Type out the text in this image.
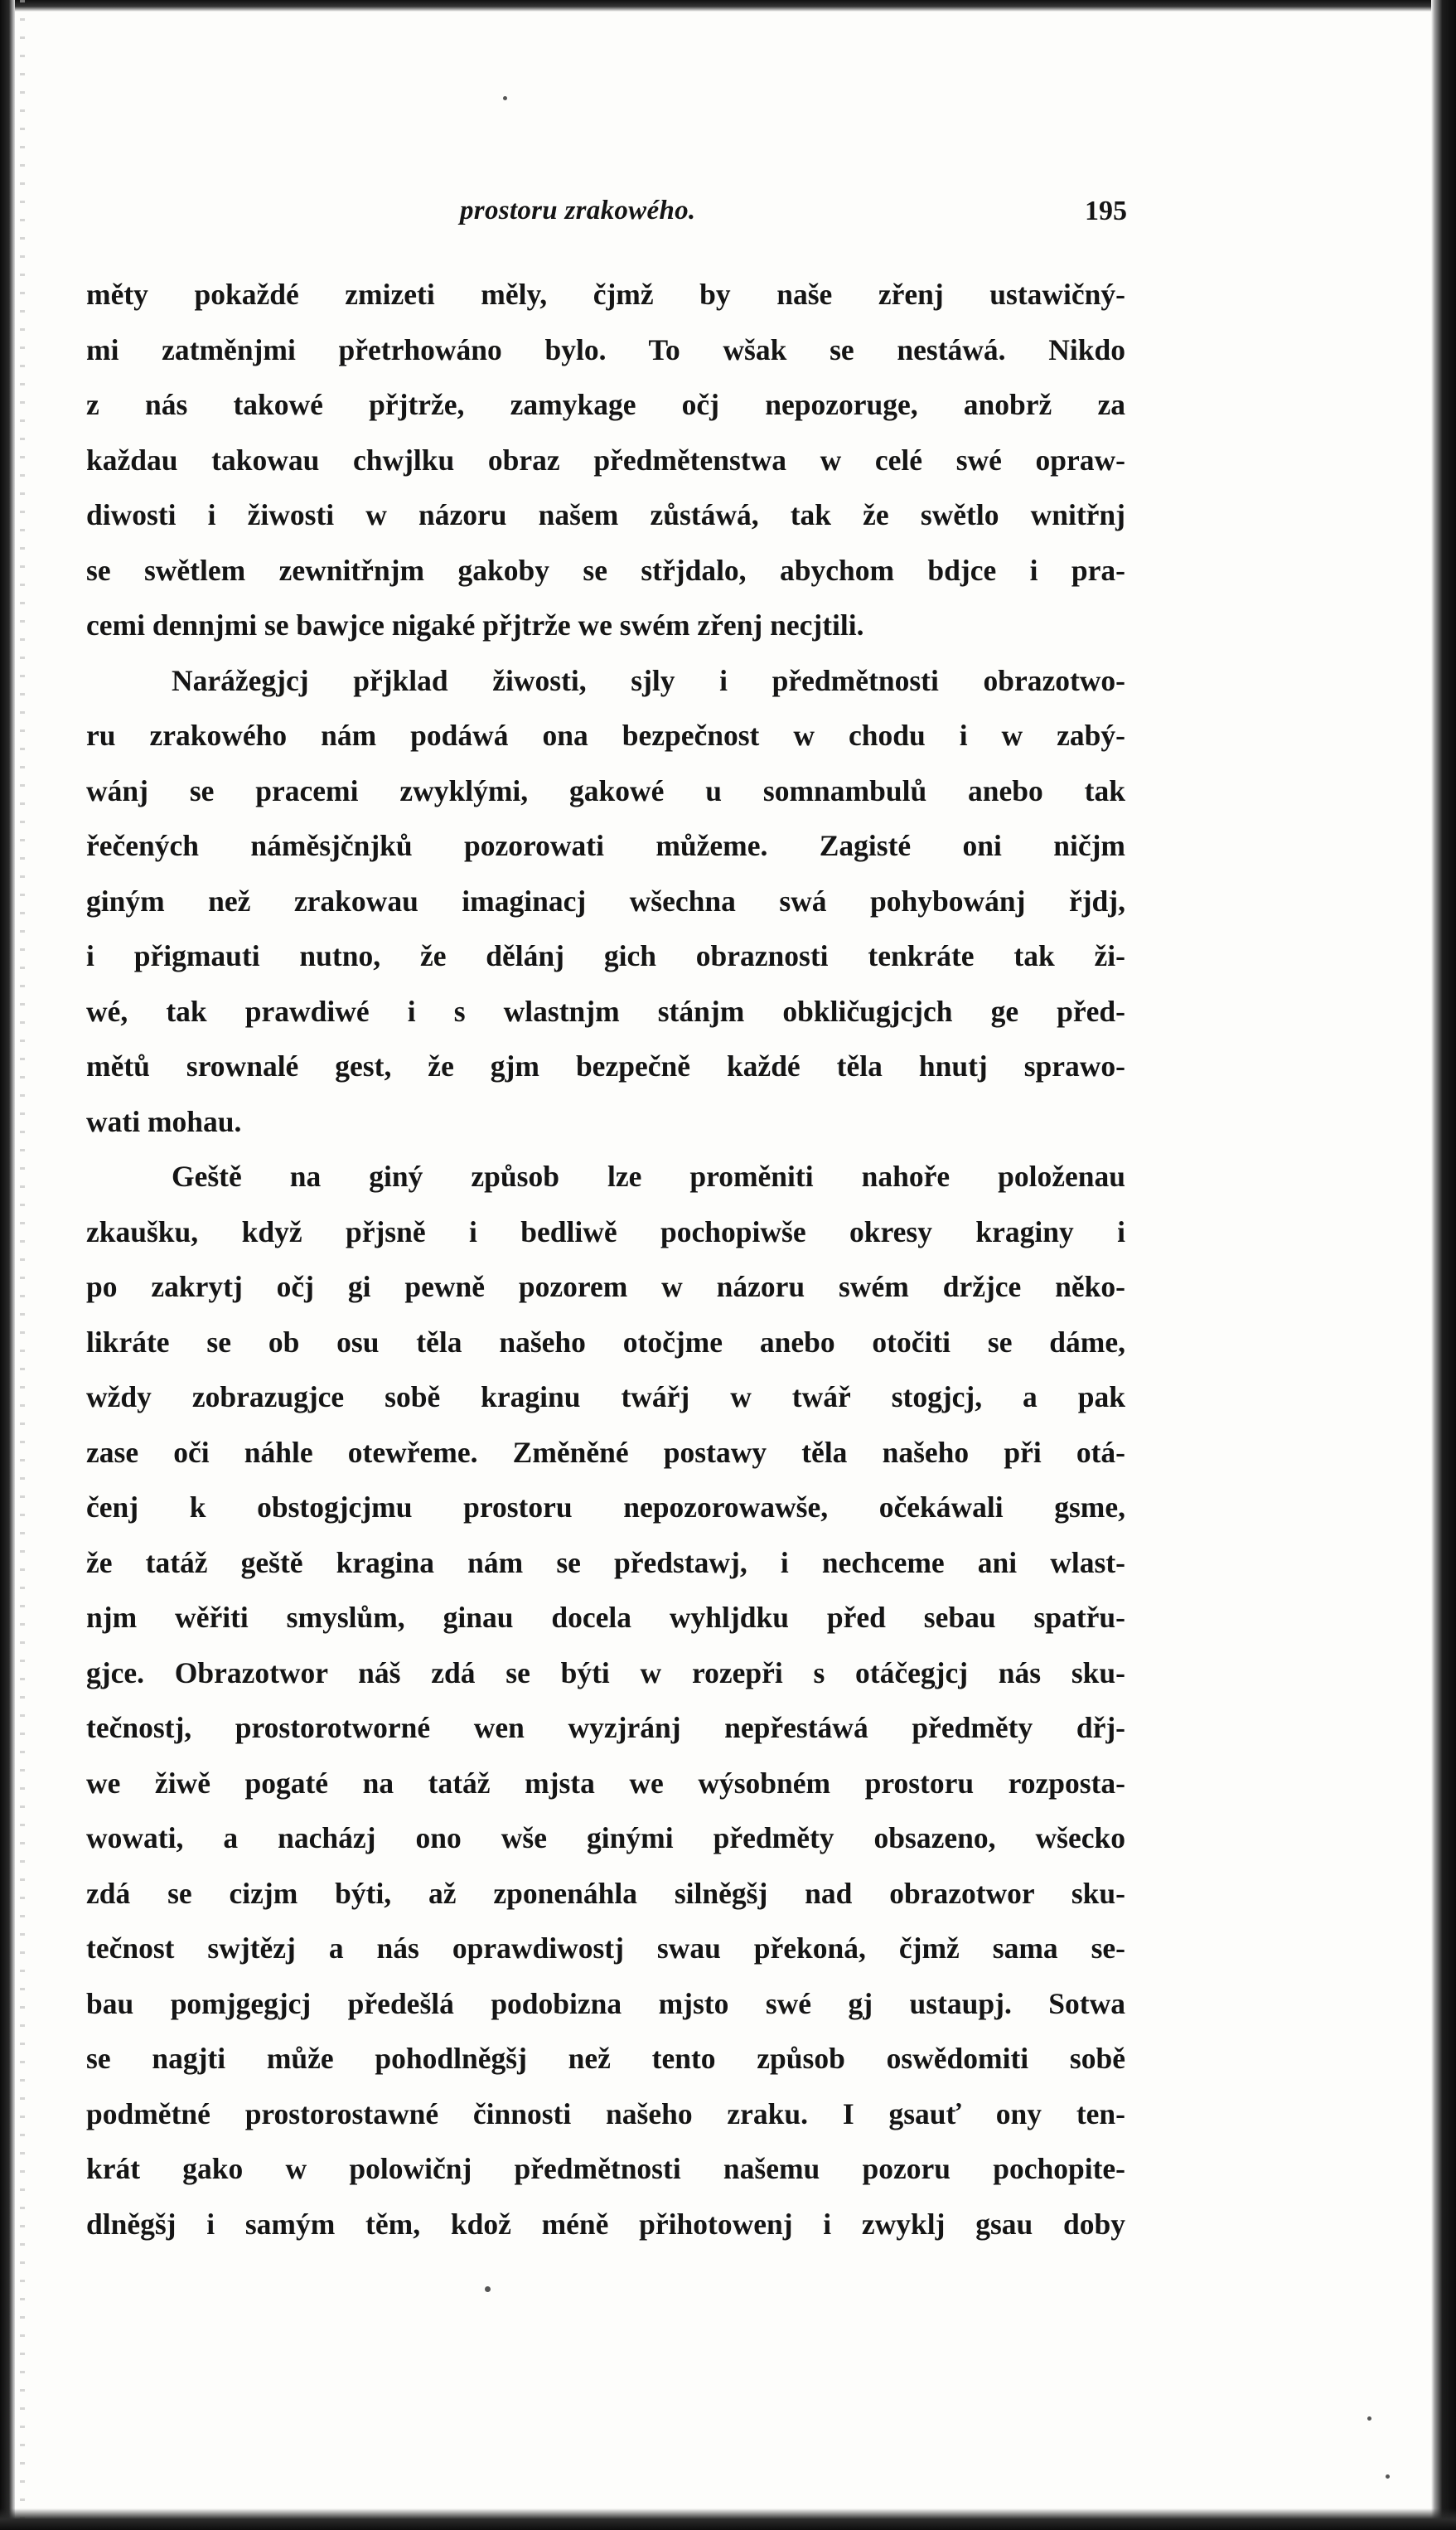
prostoru zrakowého.	195
měty pokaždé zmizeti měly, čjmž by naše zřenj ustawičný-
mi zatměnjmi přetrhowáno bylo. To wšak se nestáwá. Nikdo
z nás takowé přjtrže, zamykage očj nepozoruge, anobrž za
každau takowau chwjlku obraz předmětenstwa w celé swé opraw-
diwosti i žiwosti w názoru našem zůstáwá, tak že swětlo wnitřnj
se swětlem zewnitřnjm gakoby se střjdalo, abychom bdjce i pra-
cemi dennjmi se bawjce nigaké přjtrže we swém zřenj necjtili.
Narážegjcj přjklad žiwosti, sjly i předmětnosti obrazotwo-
ru zrakowého nám podáwá ona bezpečnost w chodu i w zabý-
wánj se pracemi zwyklými, gakowé u somnambulů anebo tak
řečených náměsjčnjků pozorowati můžeme. Zagisté oni ničjm
giným než zrakowau imaginacj wšechna swá pohybowánj řjdj,
i přigmauti nutno, že dělánj gich obraznosti tenkráte tak ži-
wé, tak prawdiwé i s wlastnjm stánjm obkličugjcjch ge před-
mětů srownalé gest, že gjm bezpečně každé těla hnutj sprawo-
wati mohau.
Geště na giný způsob lze proměniti nahoře položenau
zkaušku, když přjsně i bedliwě pochopiwše okresy kraginy i
po zakrytj očj gi pewně pozorem w názoru swém držjce něko-
likráte se ob osu těla našeho otočjme anebo otočiti se dáme,
wždy zobrazugjce sobě kraginu twářj w twář stogjcj, a pak
zase oči náhle otewřeme. Změněné postawy těla našeho při otá-
čenj k obstogjcjmu prostoru nepozorowawše, očekáwali gsme,
že tatáž geště kragina nám se předstawj, i nechceme ani wlast-
njm wěřiti smyslům, ginau docela wyhljdku před sebau spatřu-
gjce. Obrazotwor náš zdá se býti w rozepři s otáčegjcj nás sku-
tečnostj, prostorotworné wen wyzjránj nepřestáwá předměty dřj-
we žiwě pogaté na tatáž mjsta we wýsobném prostoru rozposta-
wowati, a nacházj ono wše ginými předměty obsazeno, wšecko
zdá se cizjm býti, až zponenáhla silněgšj nad obrazotwor sku-
tečnost swjtězj a nás oprawdiwostj swau překoná, čjmž sama se-
bau pomjgegjcj předešlá podobizna mjsto swé gj ustaupj. Sotwa
se nagjti může pohodlněgšj než tento způsob oswědomiti sobě
podmětné prostorostawné činnosti našeho zraku. I gsauť ony ten-
krát gako w polowičnj předmětnosti našemu pozoru pochopite-
dlněgšj i samým těm, kdož méně přihotowenj i zwyklj gsau doby
